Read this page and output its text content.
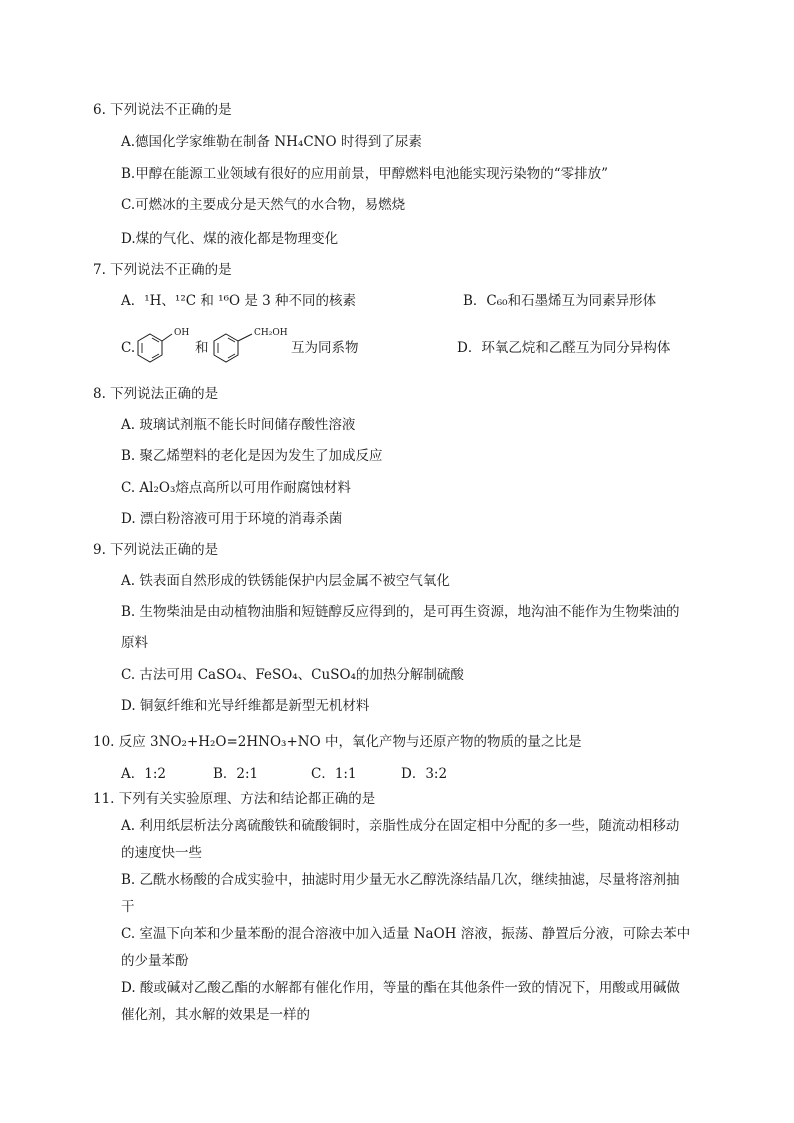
6. 下列说法不正确的是
A.德国化学家维勒在制备 NH₄CNO 时得到了尿素
B.甲醇在能源工业领域有很好的应用前景，甲醇燃料电池能实现污染物的“零排放”
C.可燃冰的主要成分是天然气的水合物，易燃烧
D.煤的气化、煤的液化都是物理变化
7. 下列说法不正确的是
A．¹H、¹²C 和 ¹⁶O 是 3 种不同的核素	B．C₆₀和石墨烯互为同素异形体
C.
OH
和
CH₂OH
互为同系物	D．环氧乙烷和乙醛互为同分异构体
8. 下列说法正确的是
A. 玻璃试剂瓶不能长时间储存酸性溶液
B. 聚乙烯塑料的老化是因为发生了加成反应
C. Al₂O₃熔点高所以可用作耐腐蚀材料
D. 漂白粉溶液可用于环境的消毒杀菌
9. 下列说法正确的是
A. 铁表面自然形成的铁锈能保护内层金属不被空气氧化
B. 生物柴油是由动植物油脂和短链醇反应得到的，是可再生资源，地沟油不能作为生物柴油的
原料
C. 古法可用 CaSO₄、FeSO₄、CuSO₄的加热分解制硫酸
D. 铜氨纤维和光导纤维都是新型无机材料
10. 反应 3NO₂+H₂O=2HNO₃+NO 中，氧化产物与还原产物的物质的量之比是
A．1:2	B．2:1	C．1:1	D．3:2
11. 下列有关实验原理、方法和结论都正确的是
A. 利用纸层析法分离硫酸铁和硫酸铜时，亲脂性成分在固定相中分配的多一些，随流动相移动
的速度快一些
B. 乙酰水杨酸的合成实验中，抽滤时用少量无水乙醇洗涤结晶几次，继续抽滤，尽量将溶剂抽
干
C. 室温下向苯和少量苯酚的混合溶液中加入适量 NaOH 溶液，振荡、静置后分液，可除去苯中
的少量苯酚
D. 酸或碱对乙酸乙酯的水解都有催化作用，等量的酯在其他条件一致的情况下，用酸或用碱做
催化剂，其水解的效果是一样的
